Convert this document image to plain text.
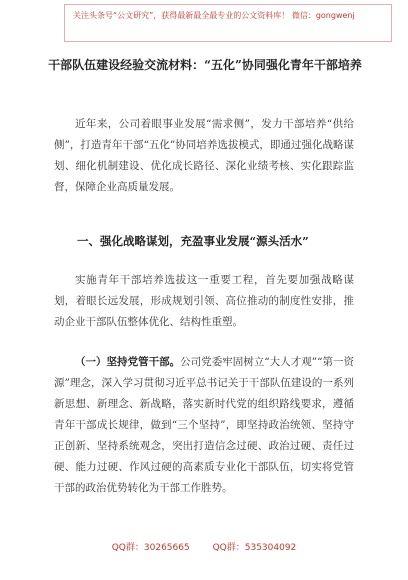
关注头条号“公文研究”，获得最新最全最专业的公文资料库！ 微信：gongwenj
干部队伍建设经验交流材料：“五化”协同强化青年干部培养
近年来，公司着眼事业发展“需求侧”，发力干部培养“供给侧”，打造青年干部“五化”协同培养选拔模式，即通过强化战略谋划、细化机制建设、优化成长路径、深化业绩考核、实化跟踪监督，保障企业高质量发展。
一、强化战略谋划，充盈事业发展“源头活水”
实施青年干部培养选拔这一重要工程，首先要加强战略谋划，着眼长远发展，形成规划引领、高位推动的制度性安排，推动企业干部队伍整体优化、结构性重塑。
（一）坚持党管干部。公司党委牢固树立“大人才观”“第一资源”理念，深入学习贯彻习近平总书记关于干部队伍建设的一系列新思想、新理念、新战略，落实新时代党的组织路线要求，遵循青年干部成长规律，做到“三个坚持”，即坚持政治统领、坚持守正创新、坚持系统观念，突出打造信念过硬、政治过硬、责任过硬、能力过硬、作风过硬的高素质专业化干部队伍，切实将党管干部的政治优势转化为干部工作胜势。
QQ群：30265665	QQ群：535304092
